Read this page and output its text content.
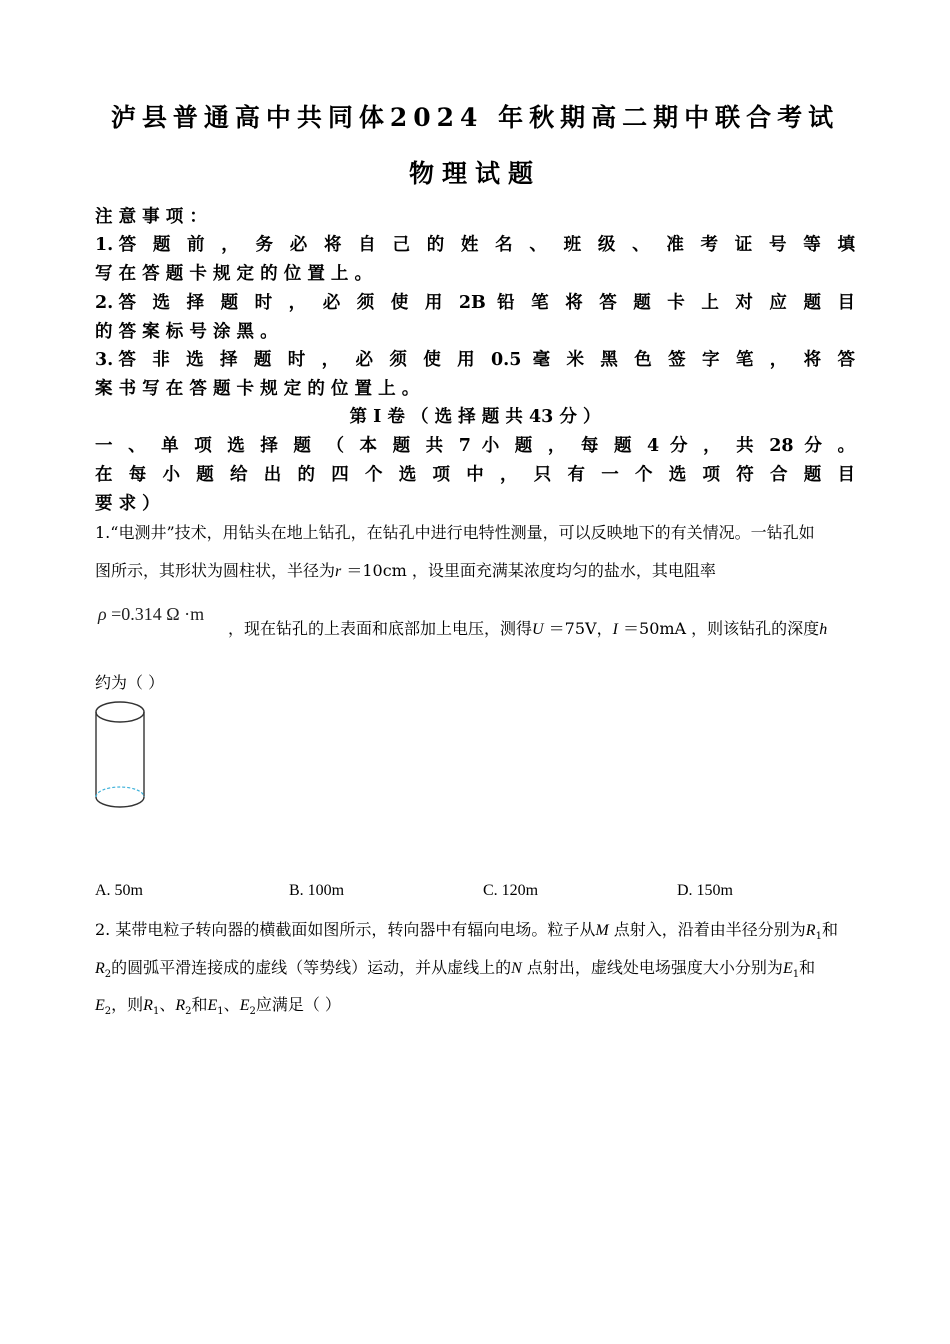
泸县普通高中共同体2024 年秋期高二期中联合考试
物理试题
注 意 事 项 ：
1.答 题 前 ， 务 必 将 自 己 的 姓 名 、 班 级 、 准 考 证 号 等 填
写 在 答 题 卡 规 定 的 位 置 上 。
2.答 选 择 题 时 ， 必 须 使 用 2B 铅 笔 将 答 题 卡 上 对 应 题 目
的 答 案 标 号 涂 黑 。
3.答 非 选 择 题 时 ， 必 须 使 用 0.5 毫 米 黑 色 签 字 笔 ， 将 答
案 书 写 在 答 题 卡 规 定 的 位 置 上 。
第 Ⅰ 卷 （ 选 择 题 共 43 分 ）
一 、 单 项 选 择 题 （ 本 题 共 7 小 题 ， 每 题 4 分 ， 共 28 分 。
在 每 小 题 给 出 的 四 个 选 项 中 ， 只 有 一 个 选 项 符 合 题 目
要 求 ）
1.“电测井”技术，用钻头在地上钻孔，在钻孔中进行电特性测量，可以反映地下的有关情况。一钻孔如
图所示，其形状为圆柱状，半径为r ＝10cm ，设里面充满某浓度均匀的盐水，其电阻率
ρ =0.314 Ω ·m
，现在钻孔的上表面和底部加上电压，测得U ＝75V，I ＝50mA ，则该钻孔的深度h
约为（ ）
A. 50m	B. 100m	C. 120m	D. 150m
2. 某带电粒子转向器的横截面如图所示，转向器中有辐向电场。粒子从M 点射入，沿着由半径分别为$R_1$和
$R_2$的圆弧平滑连接成的虚线（等势线）运动，并从虚线上的N 点射出，虚线处电场强度大小分别为$E_1$和
$E_2$，则$R_1$、$R_2$和$E_1$、$E_2$应满足（ ）
